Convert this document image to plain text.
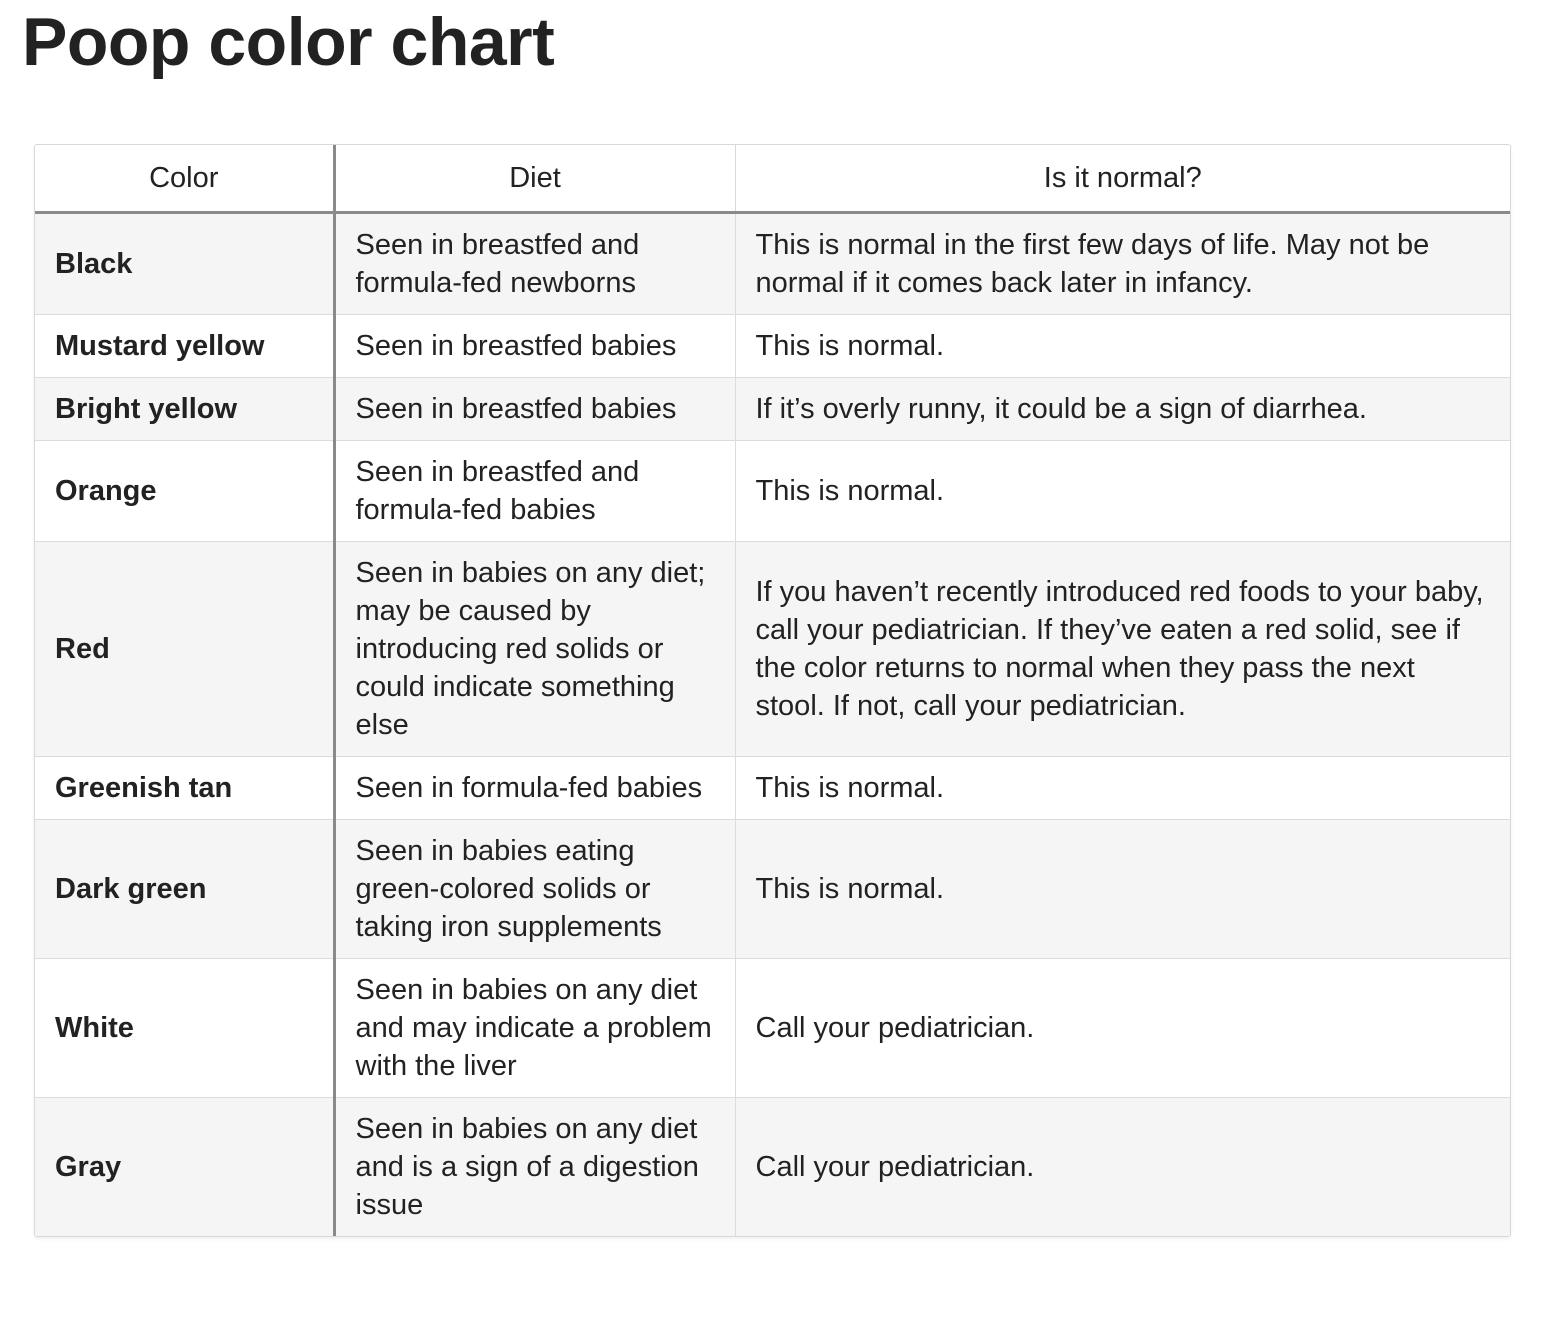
Poop color chart
Color	Diet	Is it normal?
Black	Seen in breastfed and formula-fed newborns	This is normal in the first few days of life. May not be normal if it comes back later in infancy.
Mustard yellow	Seen in breastfed babies	This is normal.
Bright yellow	Seen in breastfed babies	If it’s overly runny, it could be a sign of diarrhea.
Orange	Seen in breastfed and formula-fed babies	This is normal.
Red	Seen in babies on any diet; may be caused by introducing red solids or could indicate something else	If you haven’t recently introduced red foods to your baby, call your pediatrician. If they’ve eaten a red solid, see if the color returns to normal when they pass the next stool. If not, call your pediatrician.
Greenish tan	Seen in formula-fed babies	This is normal.
Dark green	Seen in babies eating green-colored solids or taking iron supplements	This is normal.
White	Seen in babies on any diet and may indicate a problem with the liver	Call your pediatrician.
Gray	Seen in babies on any diet and is a sign of a digestion issue	Call your pediatrician.
